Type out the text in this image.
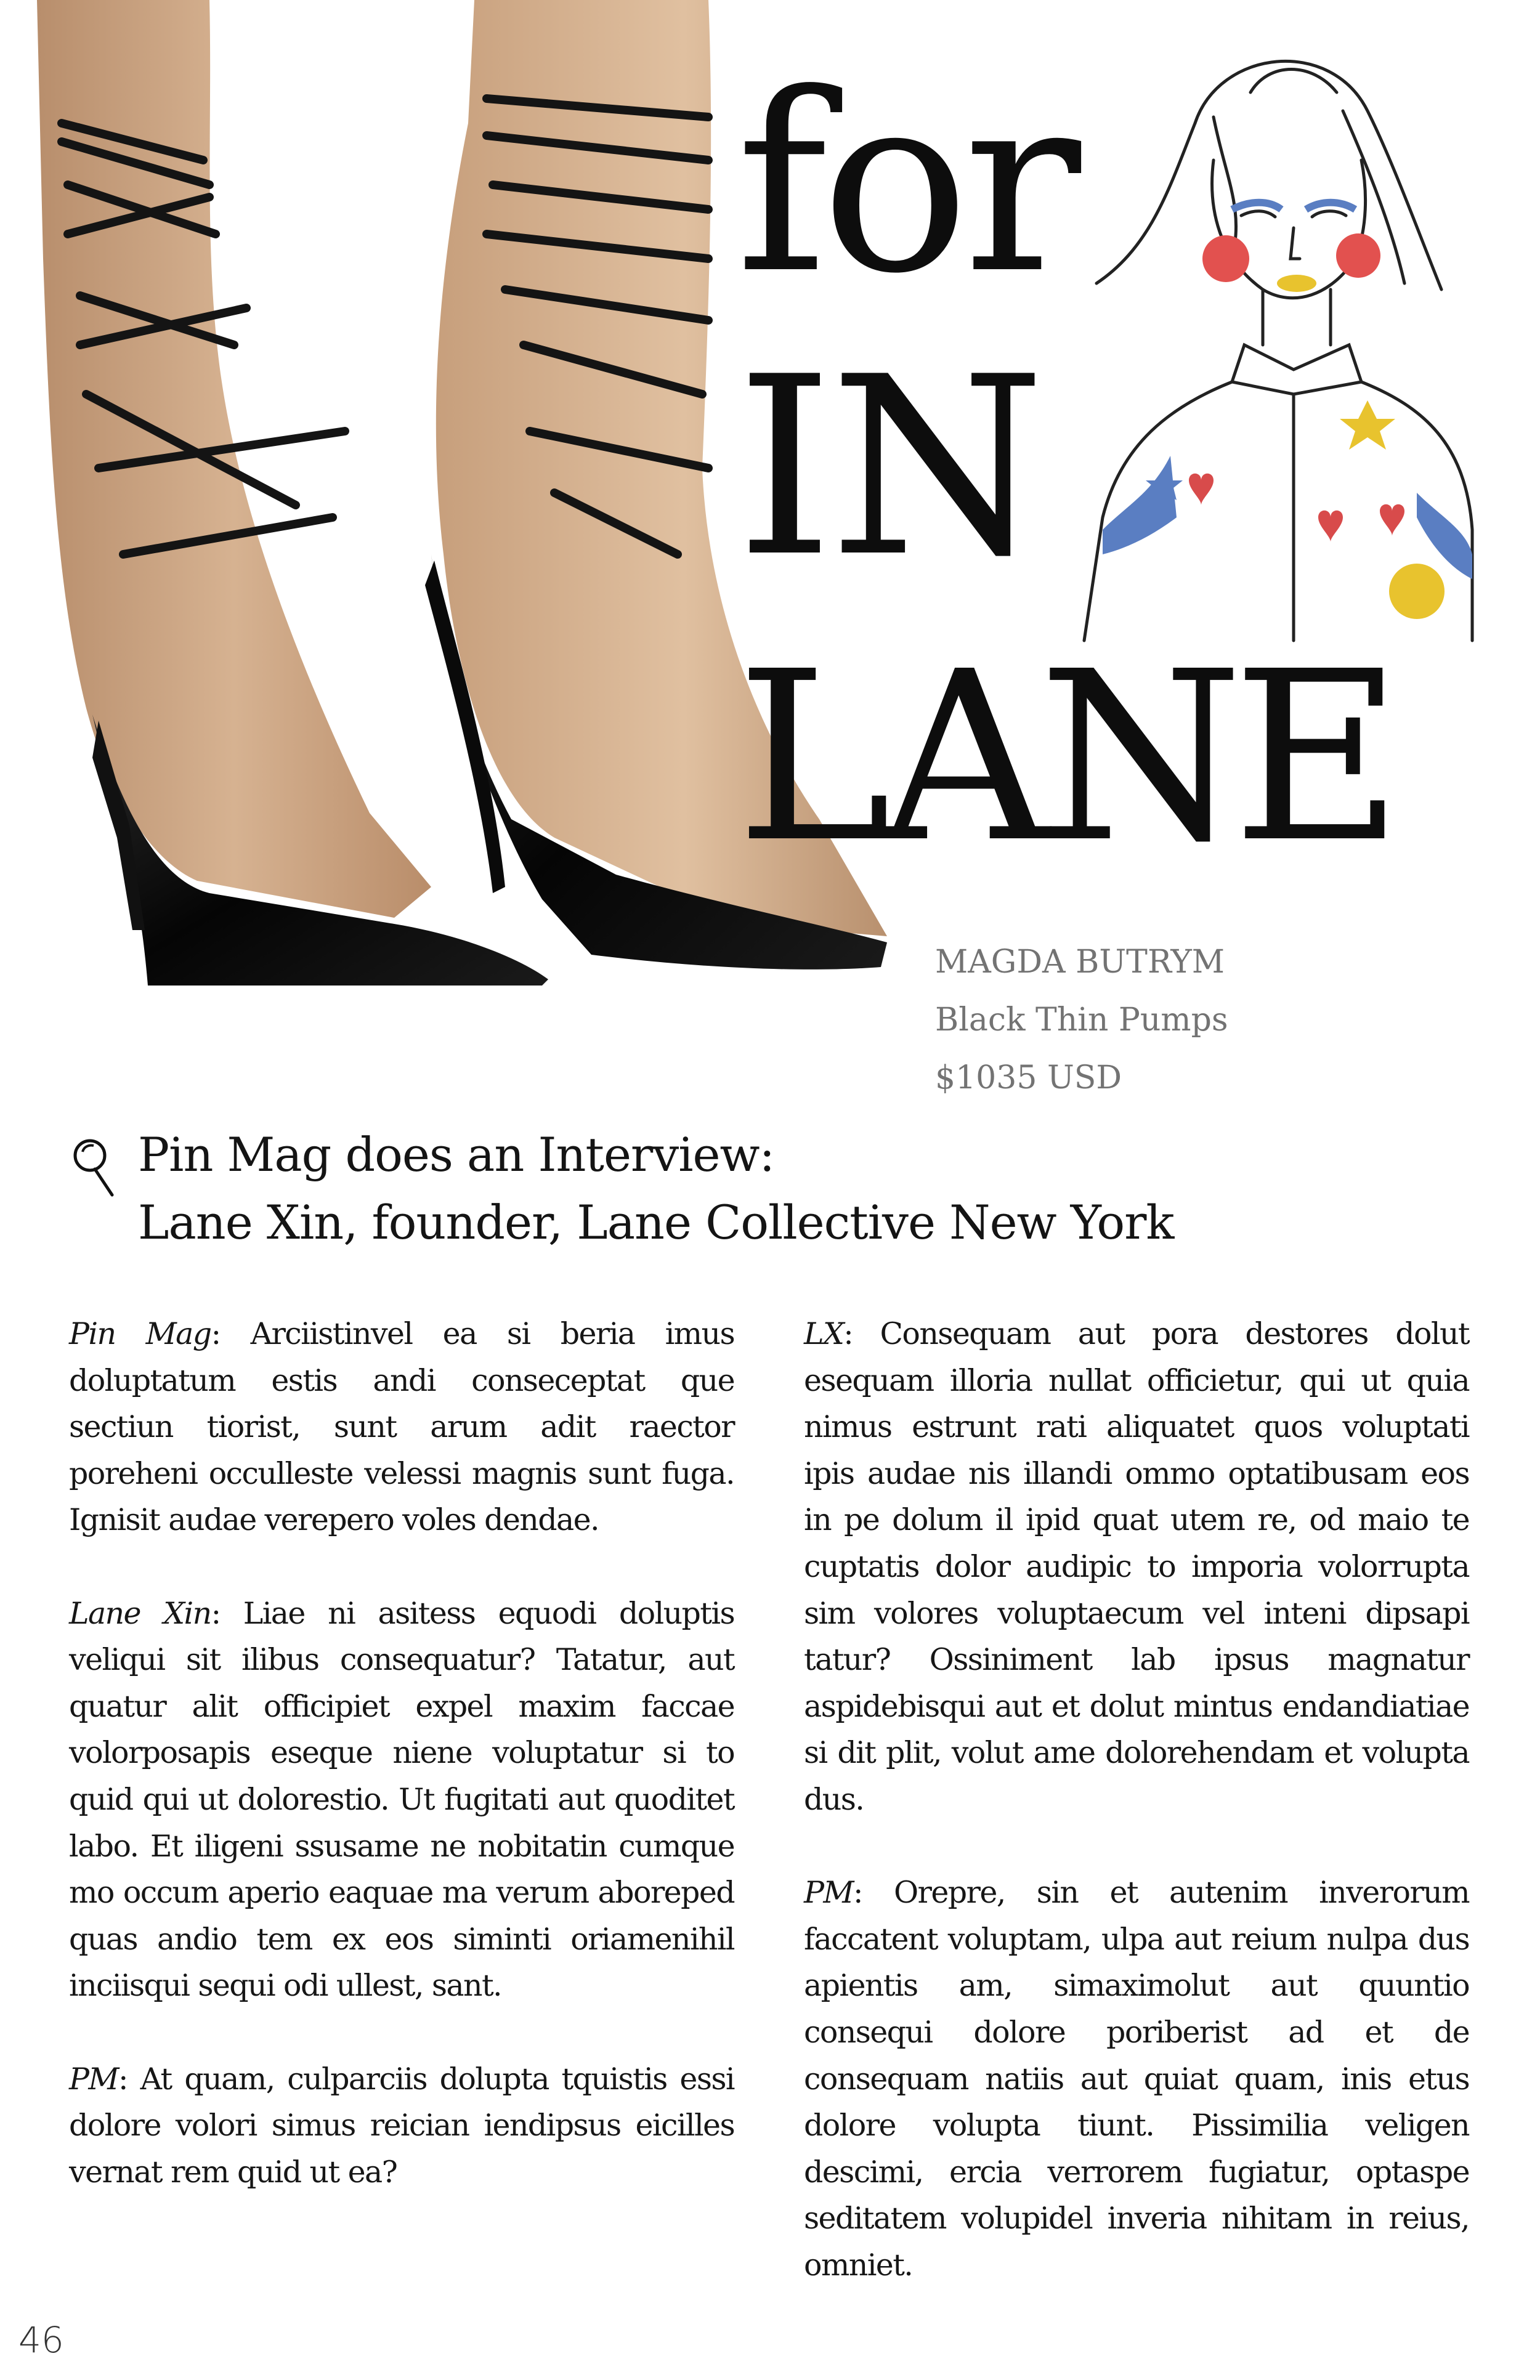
for
IN
LANE
MAGDA BUTRYM
Black Thin Pumps
$1035 USD
Pin Mag does an Interview:
Lane Xin, founder, Lane Collective New York

Pin Mag: Arciistinvel ea si beria imus doluptatum estis andi conseceptat que sectiun tiorist, sunt arum adit raector poreheni occulleste velessi magnis sunt fuga. Ignisit audae verepero voles dendae.

Lane Xin: Liae ni asitess equodi doluptis veliqui sit ilibus consequatur? Tatatur, aut quatur alit officipiet expel maxim faccae volorposapis eseque niene voluptatur si to quid qui ut dolorestio. Ut fugitati aut quoditet labo. Et iligeni ssusame ne nobitatin cumque mo occum aperio eaquae ma verum aboreped quas andio tem ex eos siminti oriamenihil inciisqui sequi odi ullest, sant.

PM: At quam, culparciis dolupta tquistis essi dolore volori simus reician iendipsus eicilles vernat rem quid ut ea?

LX: Consequam aut pora destores dolut esequam illoria nullat officietur, qui ut quia nimus estrunt rati aliquatet quos voluptati ipis audae nis illandi ommo optatibusam eos in pe dolum il ipid quat utem re, od maio te cuptatis dolor audipic to imporia volorrupta sim volores voluptaecum vel inteni dipsapi tatur? Ossiniment lab ipsus magnatur aspidebisqui aut et dolut mintus endandiatiae si dit plit, volut ame dolorehendam et volupta dus.

PM: Orepre, sin et autenim inverorum faccatent voluptam, ulpa aut reium nulpa dus apientis am, simaximolut aut quuntio consequi dolore poriberist ad et de consequam natiis aut quiat quam, inis etus dolore volupta tiunt. Pissimilia veligen descimi, ercia verrorem fugiatur, optaspe seditatem volupidel inveria nihitam in reius, omniet.

46
